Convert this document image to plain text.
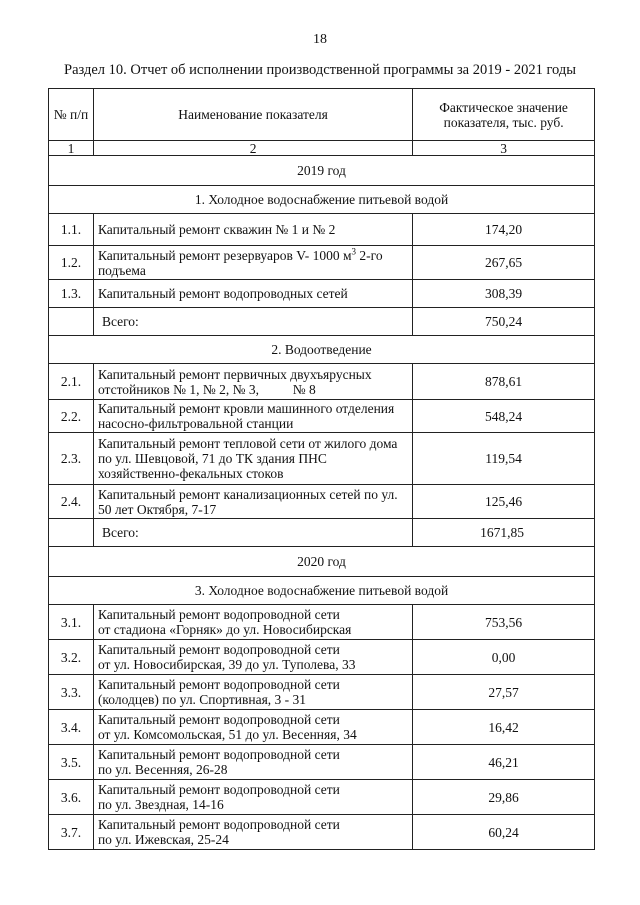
18
Раздел 10. Отчет об исполнении производственной программы за 2019 - 2021 годы
№ п/п	Наименование показателя	Фактическое значение показателя, тыс. руб.
1	2	3
2019 год		
1. Холодное водоснабжение питьевой водой		
1.1.	Капитальный ремонт скважин № 1 и № 2	174,20
1.2.	Капитальный ремонт резервуаров V- 1000 $м^3$ 2-го подъема	267,65
1.3.	Капитальный ремонт водопроводных сетей	308,39
	Всего:	750,24
2. Водоотведение		
2.1.	Капитальный ремонт первичных двухъярусных отстойников № 1, № 2, № 3,          № 8	878,61
2.2.	Капитальный ремонт кровли машинного отделения  насосно-фильтровальной станции	548,24
2.3.	Капитальный ремонт тепловой сети от жилого дома по ул. Шевцовой, 71 до ТК здания ПНС хозяйственно-фекальных стоков	119,54
2.4.	Капитальный ремонт канализационных сетей по ул. 50 лет Октября, 7-17	125,46
	Всего:	1671,85
2020 год		
3. Холодное водоснабжение питьевой водой		
3.1.	Капитальный ремонт водопроводной сети
от стадиона «Горняк» до ул. Новосибирская	753,56
3.2.	Капитальный ремонт водопроводной сети
от ул. Новосибирская, 39 до ул. Туполева, 33	0,00
3.3.	Капитальный ремонт водопроводной сети
(колодцев) по ул. Спортивная, 3 - 31	27,57
3.4.	Капитальный ремонт водопроводной сети
от ул. Комсомольская, 51 до ул. Весенняя, 34	16,42
3.5.	Капитальный ремонт водопроводной сети
по ул. Весенняя, 26-28	46,21
3.6.	Капитальный ремонт водопроводной сети
по ул. Звездная, 14-16	29,86
3.7.	Капитальный ремонт водопроводной сети
по ул. Ижевская, 25-24	60,24
